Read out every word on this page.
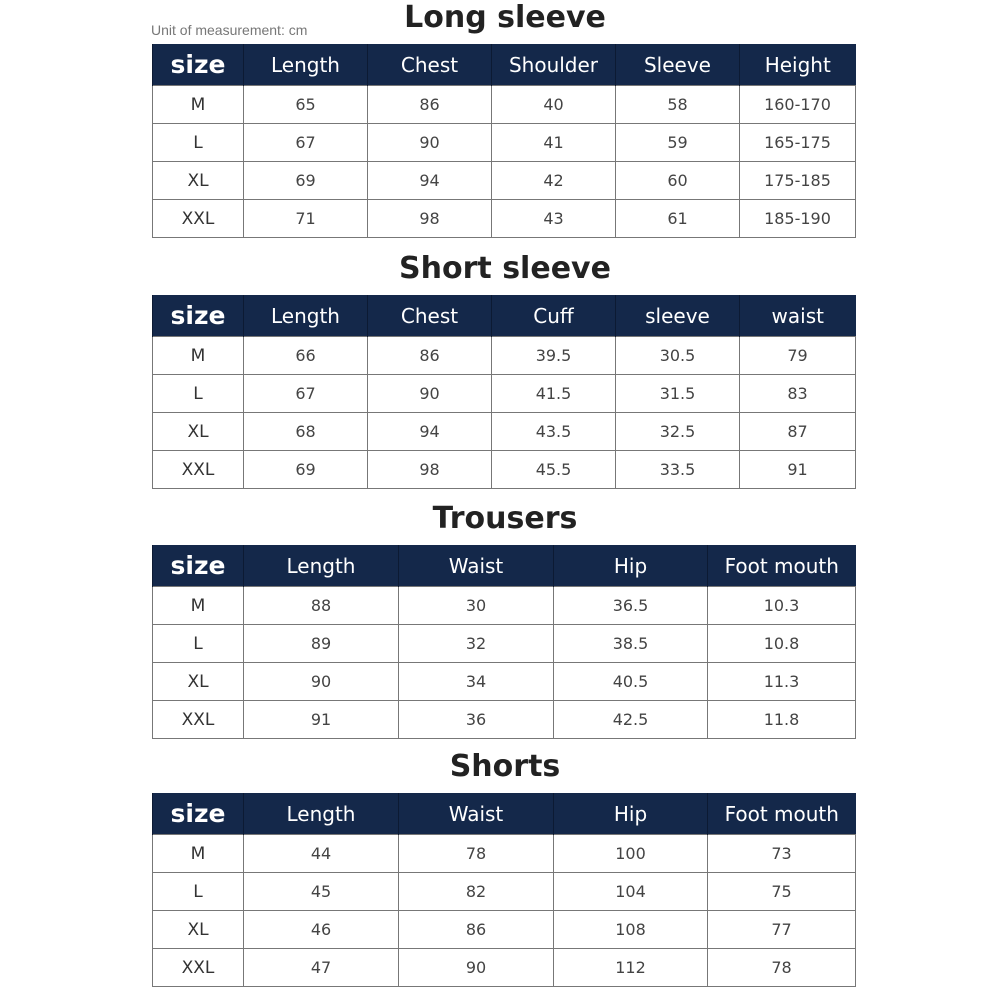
Unit of measurement: cm	Long sleeve
size	Length	Chest	Shoulder	Sleeve	Height
M	65	86	40	58	160-170
L	67	90	41	59	165-175
XL	69	94	42	60	175-185
XXL	71	98	43	61	185-190
Short sleeve
size	Length	Chest	Cuff	sleeve	waist
M	66	86	39.5	30.5	79
L	67	90	41.5	31.5	83
XL	68	94	43.5	32.5	87
XXL	69	98	45.5	33.5	91
Trousers
size	Length	Waist	Hip	Foot mouth
M	88	30	36.5	10.3
L	89	32	38.5	10.8
XL	90	34	40.5	11.3
XXL	91	36	42.5	11.8
Shorts
size	Length	Waist	Hip	Foot mouth
M	44	78	100	73
L	45	82	104	75
XL	46	86	108	77
XXL	47	90	112	78
